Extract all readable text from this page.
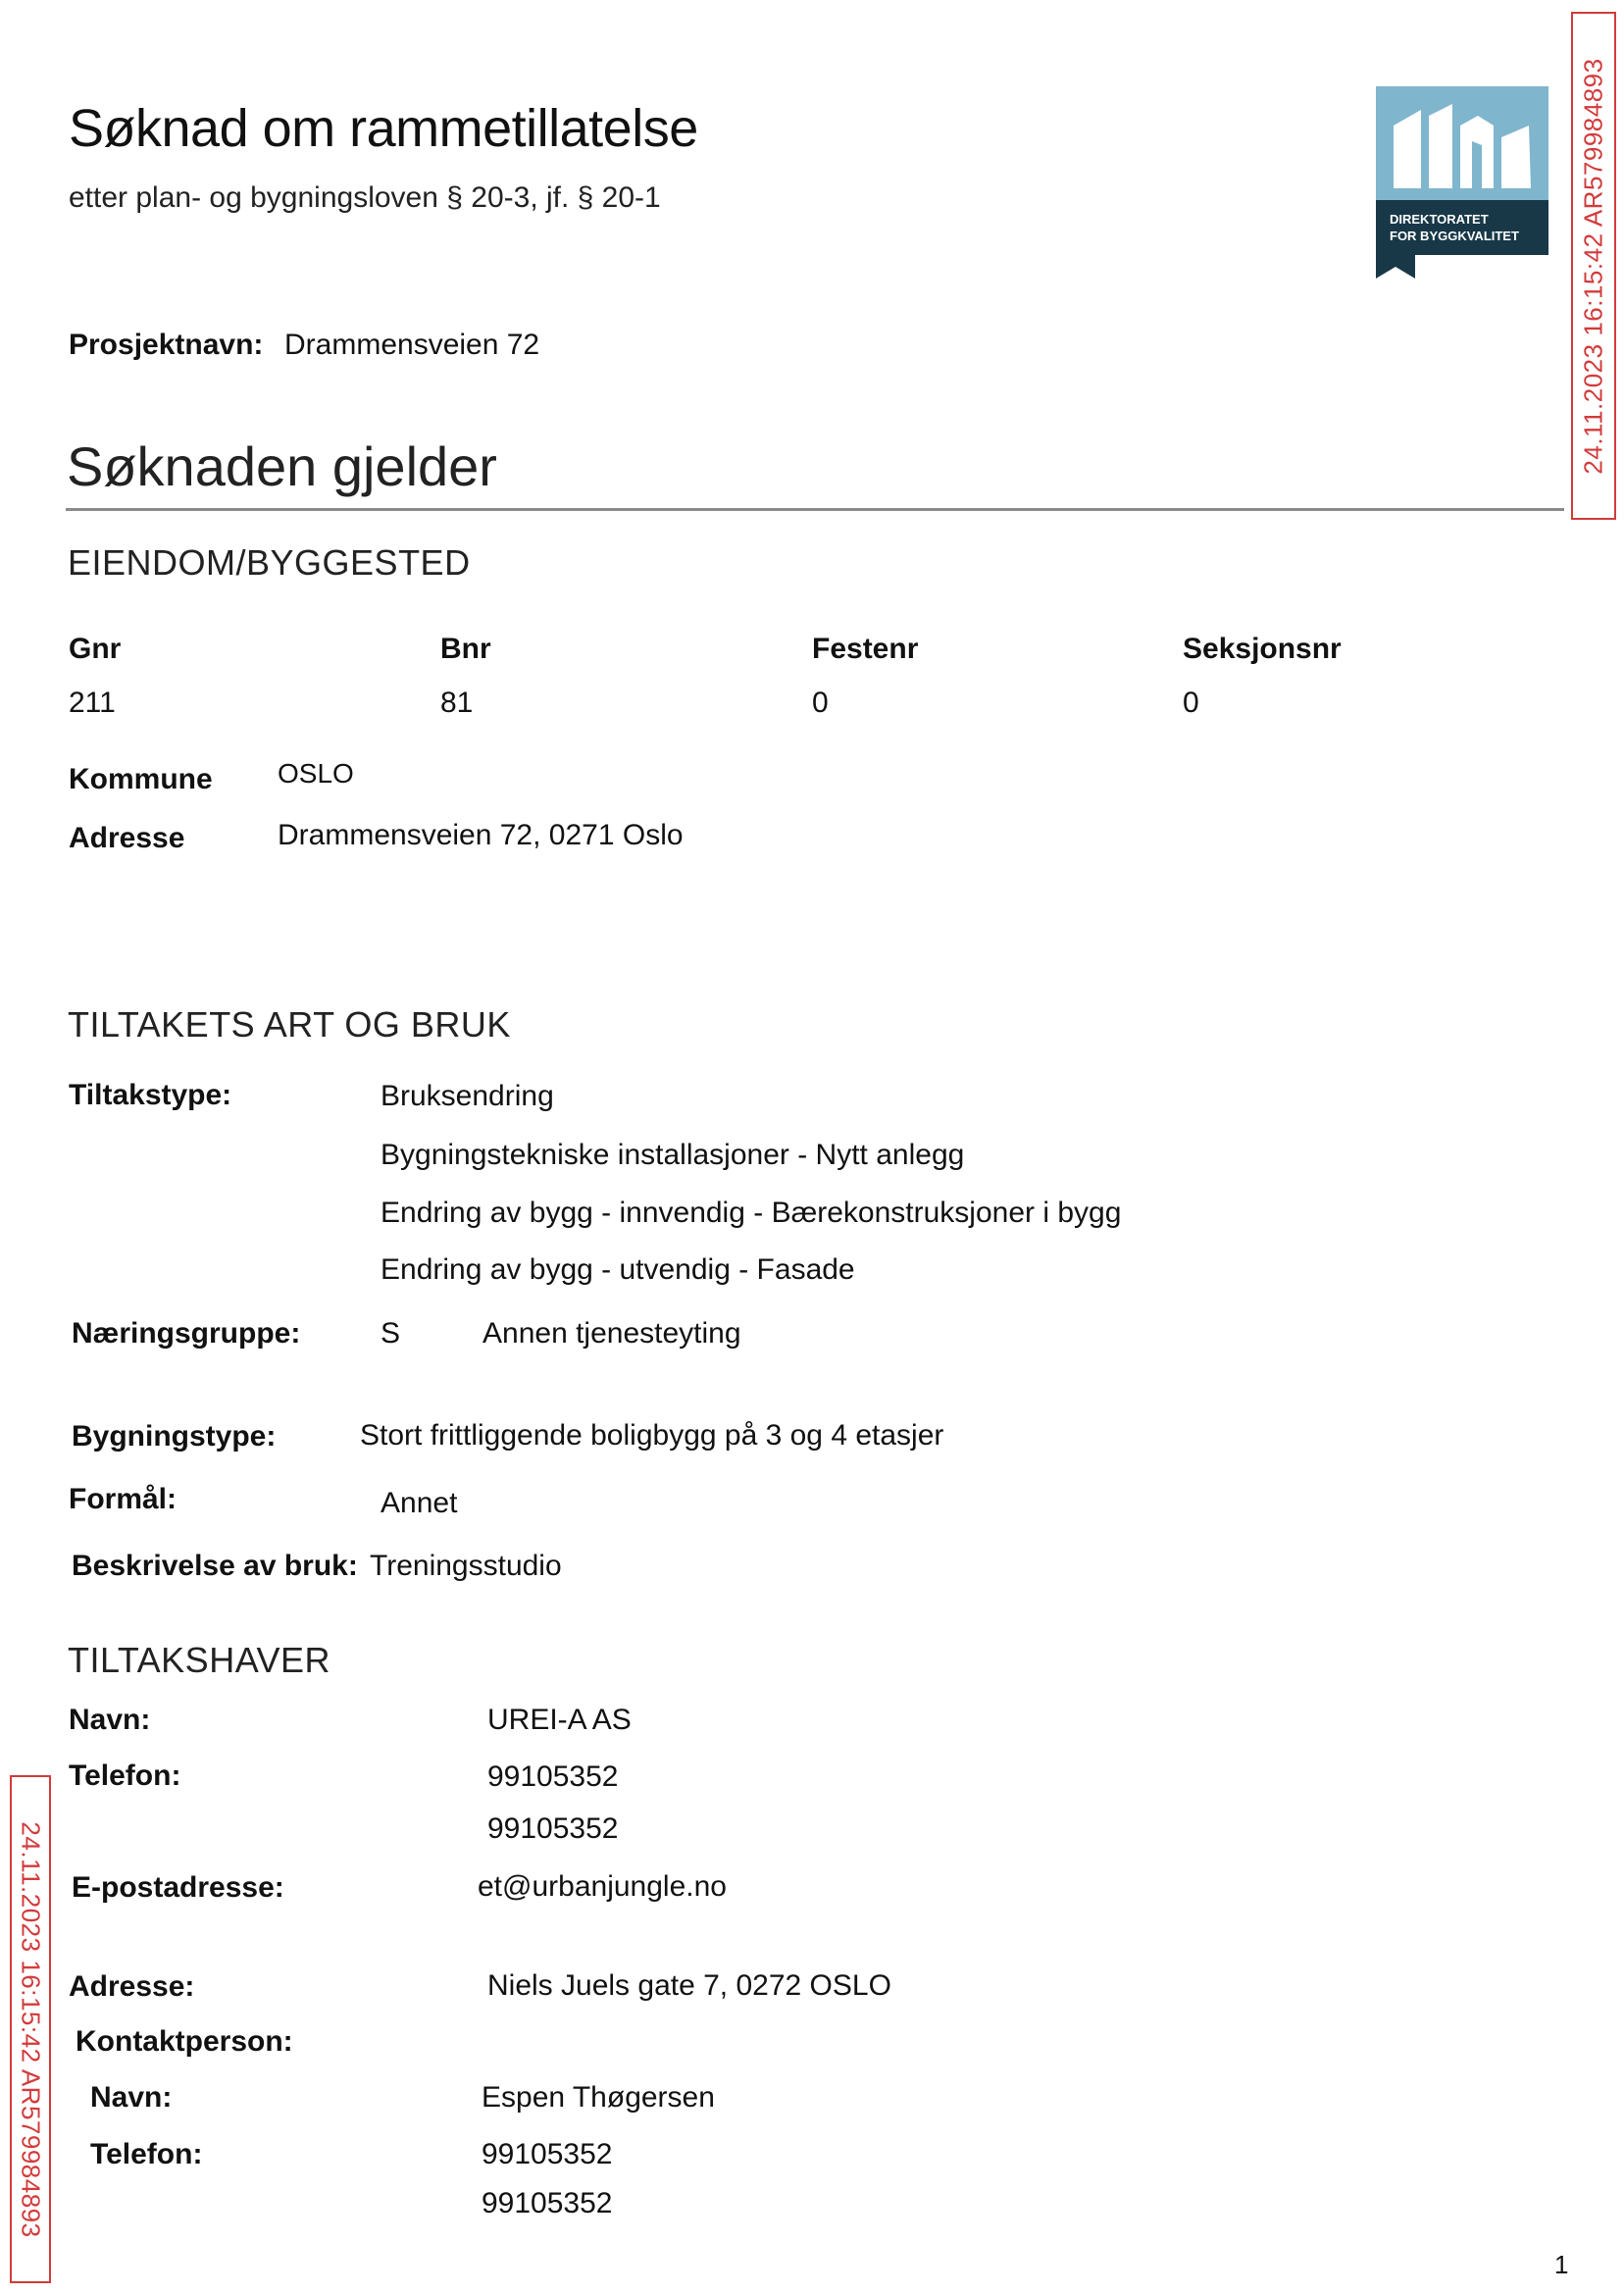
Søknad om rammetillatelse
etter plan- og bygningsloven § 20-3, jf. § 20-1
DIREKTORATET
FOR BYGGKVALITET 24.11.2023 16:15:42 AR579984893
24.11.2023 16:15:42 AR579984893
Prosjektnavn: Drammensveien 72
Søknaden gjelder
EIENDOM/BYGGESTED
Gnr	Bnr	Festenr	Seksjonsnr
211	81	0	0
Kommune OSLO
Adresse	Drammensveien 72, 0271 Oslo
TILTAKETS ART OG BRUK
Tiltakstype:	Bruksendring
Bygningstekniske installasjoner - Nytt anlegg
Endring av bygg - innvendig - Bærekonstruksjoner i bygg
Endring av bygg - utvendig - Fasade
Næringsgruppe:	S	Annen tjenesteyting
Bygningstype:	Stort frittliggende boligbygg på 3 og 4 etasjer
Formål:	Annet
Beskrivelse av bruk: Treningsstudio
TILTAKSHAVER
Navn:	UREI-A AS
Telefon:	99105352
99105352
E-postadresse:	et@urbanjungle.no
Adresse:	Niels Juels gate 7, 0272 OSLO
Kontaktperson:
Navn:	Espen Thøgersen
Telefon:	99105352
99105352
1
